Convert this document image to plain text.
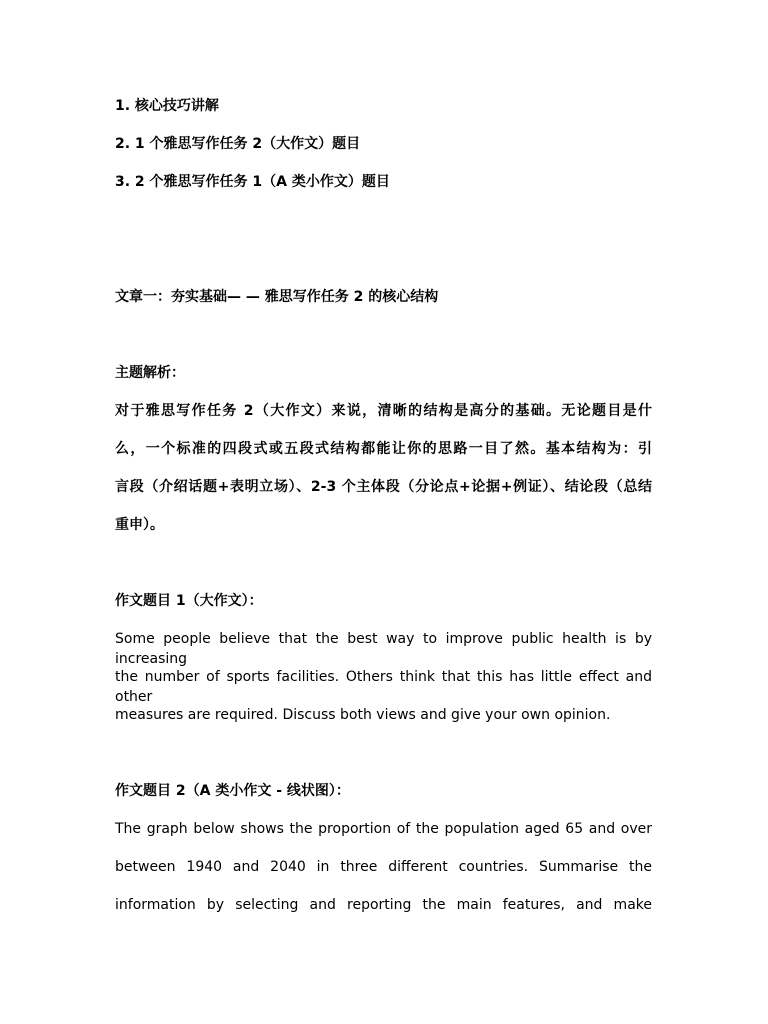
1. 核心技巧讲解
2. 1 个雅思写作任务 2（大作文）题目
3. 2 个雅思写作任务 1（A 类小作文）题目
文章一：夯实基础— — 雅思写作任务 2 的核心结构
主题解析：
对于雅思写作任务 2（大作文）来说，清晰的结构是高分的基础。无论题目是什
么，一个标准的四段式或五段式结构都能让你的思路一目了然。基本结构为：引
言段（介绍话题+表明立场）、2-3 个主体段（分论点+论据+例证）、结论段（总结
重申）。
作文题目 1（大作文）：
Some people believe that the best way to improve public health is by increasing
the number of sports facilities. Others think that this has little effect and other
measures are required. Discuss both views and give your own opinion.
作文题目 2（A 类小作文 - 线状图）：
The graph below shows the proportion of the population aged 65 and over
between 1940 and 2040 in three different countries. Summarise the
information by selecting and reporting the main features, and make
